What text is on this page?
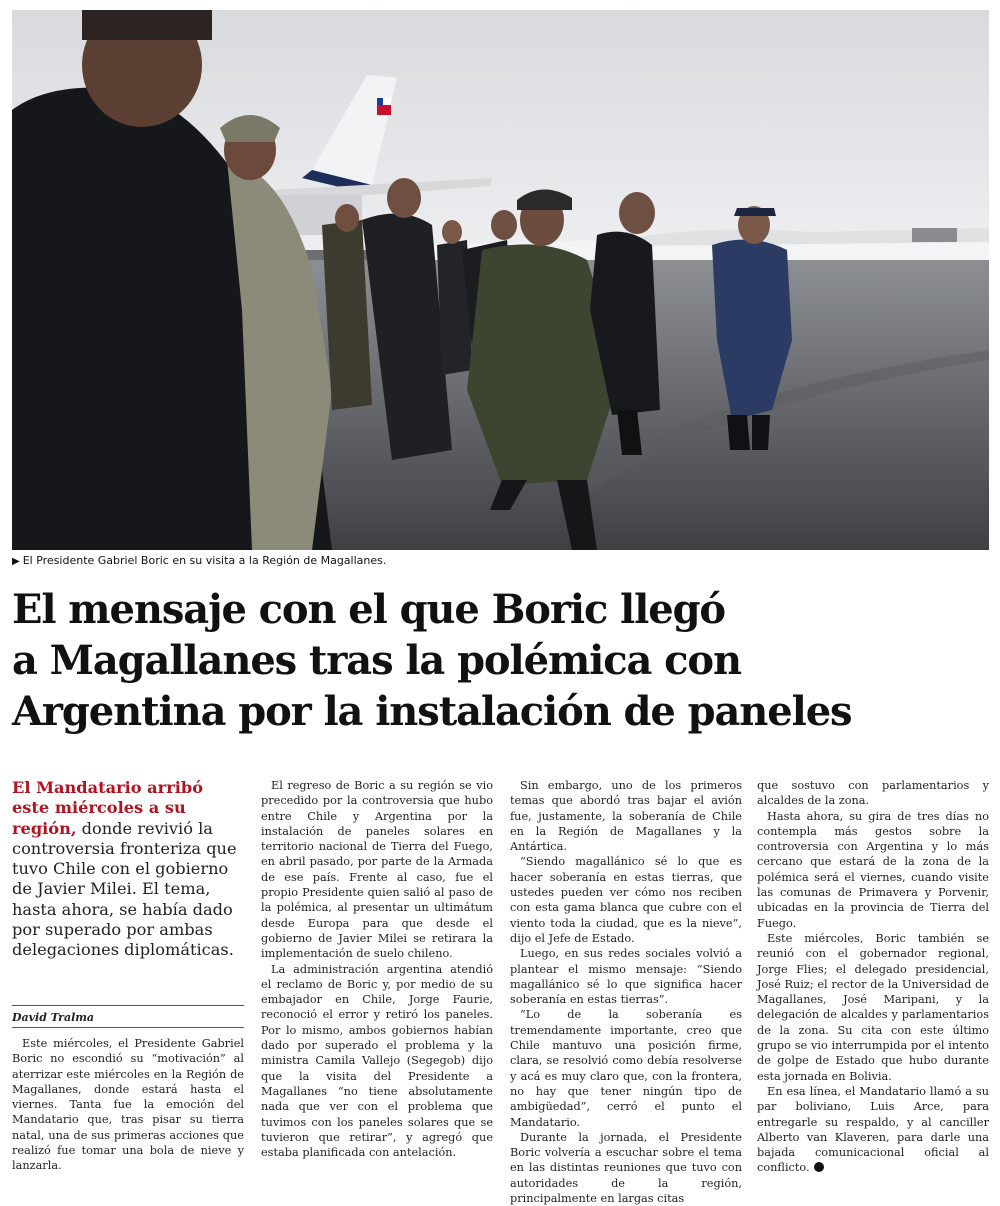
▶ El Presidente Gabriel Boric en su visita a la Región de Magallanes.
El mensaje con el que Boric llegó
a Magallanes tras la polémica con
Argentina por la instalación de paneles

El Mandatario arribó este miércoles a su región, donde revivió la controversia fronteriza que tuvo Chile con el gobierno de Javier Milei. El tema, hasta ahora, se había dado por superado por ambas delegaciones diplomáticas.

David Tralma

Este miércoles, el Presidente Gabriel Boric no escondió su “motivación” al aterrizar este miércoles en la Región de Magallanes, donde estará hasta el viernes. Tanta fue la emoción del Mandatario que, tras pisar su tierra natal, una de sus primeras acciones que realizó fue tomar una bola de nieve y lanzarla.

El regreso de Boric a su región se vio precedido por la controversia que hubo entre Chile y Argentina por la instalación de paneles solares en territorio nacional de Tierra del Fuego, en abril pasado, por parte de la Armada de ese país. Frente al caso, fue el propio Presidente quien salió al paso de la polémica, al presentar un ultimátum desde Europa para que desde el gobierno de Javier Milei se retirara la implementación de suelo chileno.

La administración argentina atendió el reclamo de Boric y, por medio de su embajador en Chile, Jorge Faurie, reconoció el error y retiró los paneles. Por lo mismo, ambos gobiernos habían dado por superado el problema y la ministra Camila Vallejo (Segegob) dijo que la visita del Presidente a Magallanes “no tiene absolutamente nada que ver con el problema que tuvimos con los paneles solares que se tuvieron que retirar”, y agregó que estaba planificada con antelación.

Sin embargo, uno de los primeros temas que abordó tras bajar el avión fue, justamente, la soberanía de Chile en la Región de Magallanes y la Antártica.

“Siendo magallánico sé lo que es hacer soberanía en estas tierras, que ustedes pueden ver cómo nos reciben con esta gama blanca que cubre con el viento toda la ciudad, que es la nieve”, dijo el Jefe de Estado.

Luego, en sus redes sociales volvió a plantear el mismo mensaje: “Siendo magallánico sé lo que significa hacer soberanía en estas tierras”.

“Lo de la soberanía es tremendamente importante, creo que Chile mantuvo una posición firme, clara, se resolvió como debía resolverse y acá es muy claro que, con la frontera, no hay que tener ningún tipo de ambigüedad”, cerró el punto el Mandatario.

Durante la jornada, el Presidente Boric volvería a escuchar sobre el tema en las distintas reuniones que tuvo con autoridades de la región, principalmente en largas citas

que sostuvo con parlamentarios y alcaldes de la zona.

Hasta ahora, su gira de tres días no contempla más gestos sobre la controversia con Argentina y lo más cercano que estará de la zona de la polémica será el viernes, cuando visite las comunas de Primavera y Porvenir, ubicadas en la provincia de Tierra del Fuego.

Este miércoles, Boric también se reunió con el gobernador regional, Jorge Flies; el delegado presidencial, José Ruiz; el rector de la Universidad de Magallanes, José Maripani, y la delegación de alcaldes y parlamentarios de la zona. Su cita con este último grupo se vio interrumpida por el intento de golpe de Estado que hubo durante esta jornada en Bolivia.

En esa línea, el Mandatario llamó a su par boliviano, Luis Arce, para entregarle su respaldo, y al canciller Alberto van Klaveren, para darle una bajada comunicacional oficial al conflicto.
